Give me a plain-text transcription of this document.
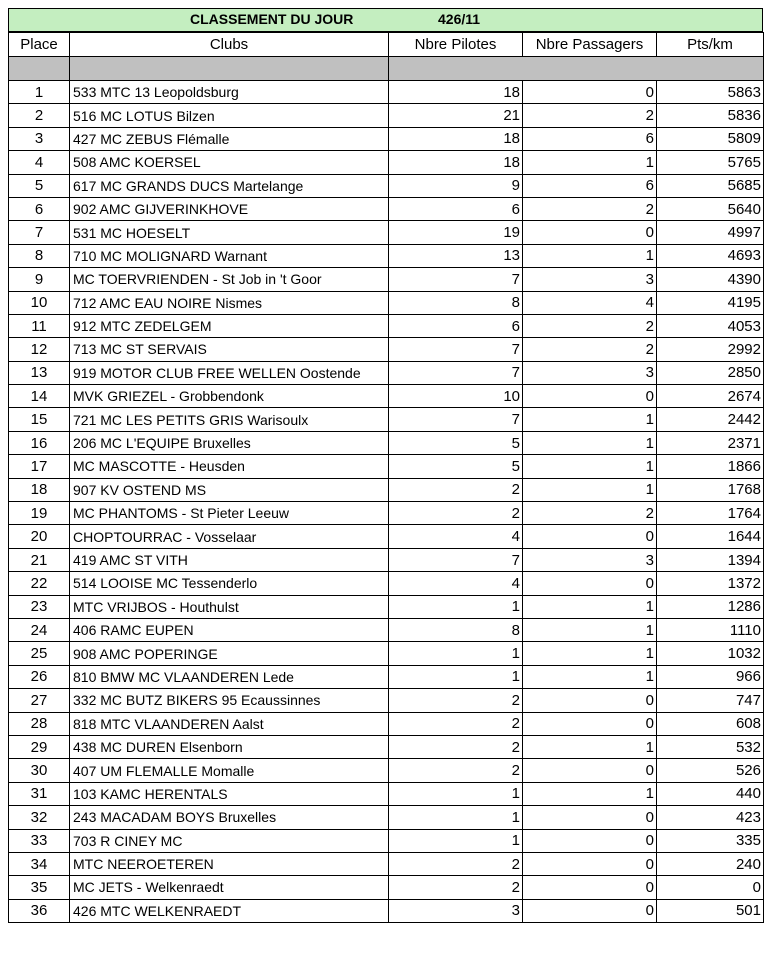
CLASSEMENT DU JOUR	426/11
Place	Clubs	Nbre Pilotes	Nbre Passagers	Pts/km

1	533 MTC 13 Leopoldsburg	18	0	5863
2	516 MC LOTUS Bilzen	21	2	5836
3	427 MC ZEBUS Flémalle	18	6	5809
4	508 AMC KOERSEL	18	1	5765
5	617 MC GRANDS DUCS Martelange	9	6	5685
6	902 AMC GIJVERINKHOVE	6	2	5640
7	531 MC HOESELT	19	0	4997
8	710 MC MOLIGNARD Warnant	13	1	4693
9	MC TOERVRIENDEN - St Job in 't Goor	7	3	4390
10	712 AMC EAU NOIRE Nismes	8	4	4195
11	912 MTC ZEDELGEM	6	2	4053
12	713 MC ST SERVAIS	7	2	2992
13	919 MOTOR CLUB FREE WELLEN Oostende	7	3	2850
14	MVK GRIEZEL - Grobbendonk	10	0	2674
15	721 MC LES PETITS GRIS Warisoulx	7	1	2442
16	206 MC L'EQUIPE Bruxelles	5	1	2371
17	MC MASCOTTE - Heusden	5	1	1866
18	907 KV OSTEND MS	2	1	1768
19	MC PHANTOMS - St Pieter Leeuw	2	2	1764
20	CHOPTOURRAC - Vosselaar	4	0	1644
21	419 AMC ST VITH	7	3	1394
22	514 LOOISE MC Tessenderlo	4	0	1372
23	MTC VRIJBOS - Houthulst	1	1	1286
24	406 RAMC EUPEN	8	1	1110
25	908 AMC POPERINGE	1	1	1032
26	810 BMW MC VLAANDEREN Lede	1	1	966
27	332 MC BUTZ BIKERS 95 Ecaussinnes	2	0	747
28	818 MTC VLAANDEREN Aalst	2	0	608
29	438 MC DUREN Elsenborn	2	1	532
30	407 UM FLEMALLE Momalle	2	0	526
31	103 KAMC HERENTALS	1	1	440
32	243 MACADAM BOYS Bruxelles	1	0	423
33	703 R CINEY MC	1	0	335
34	MTC NEEROETEREN	2	0	240
35	MC JETS - Welkenraedt	2	0	0
36	426 MTC WELKENRAEDT	3	0	501
